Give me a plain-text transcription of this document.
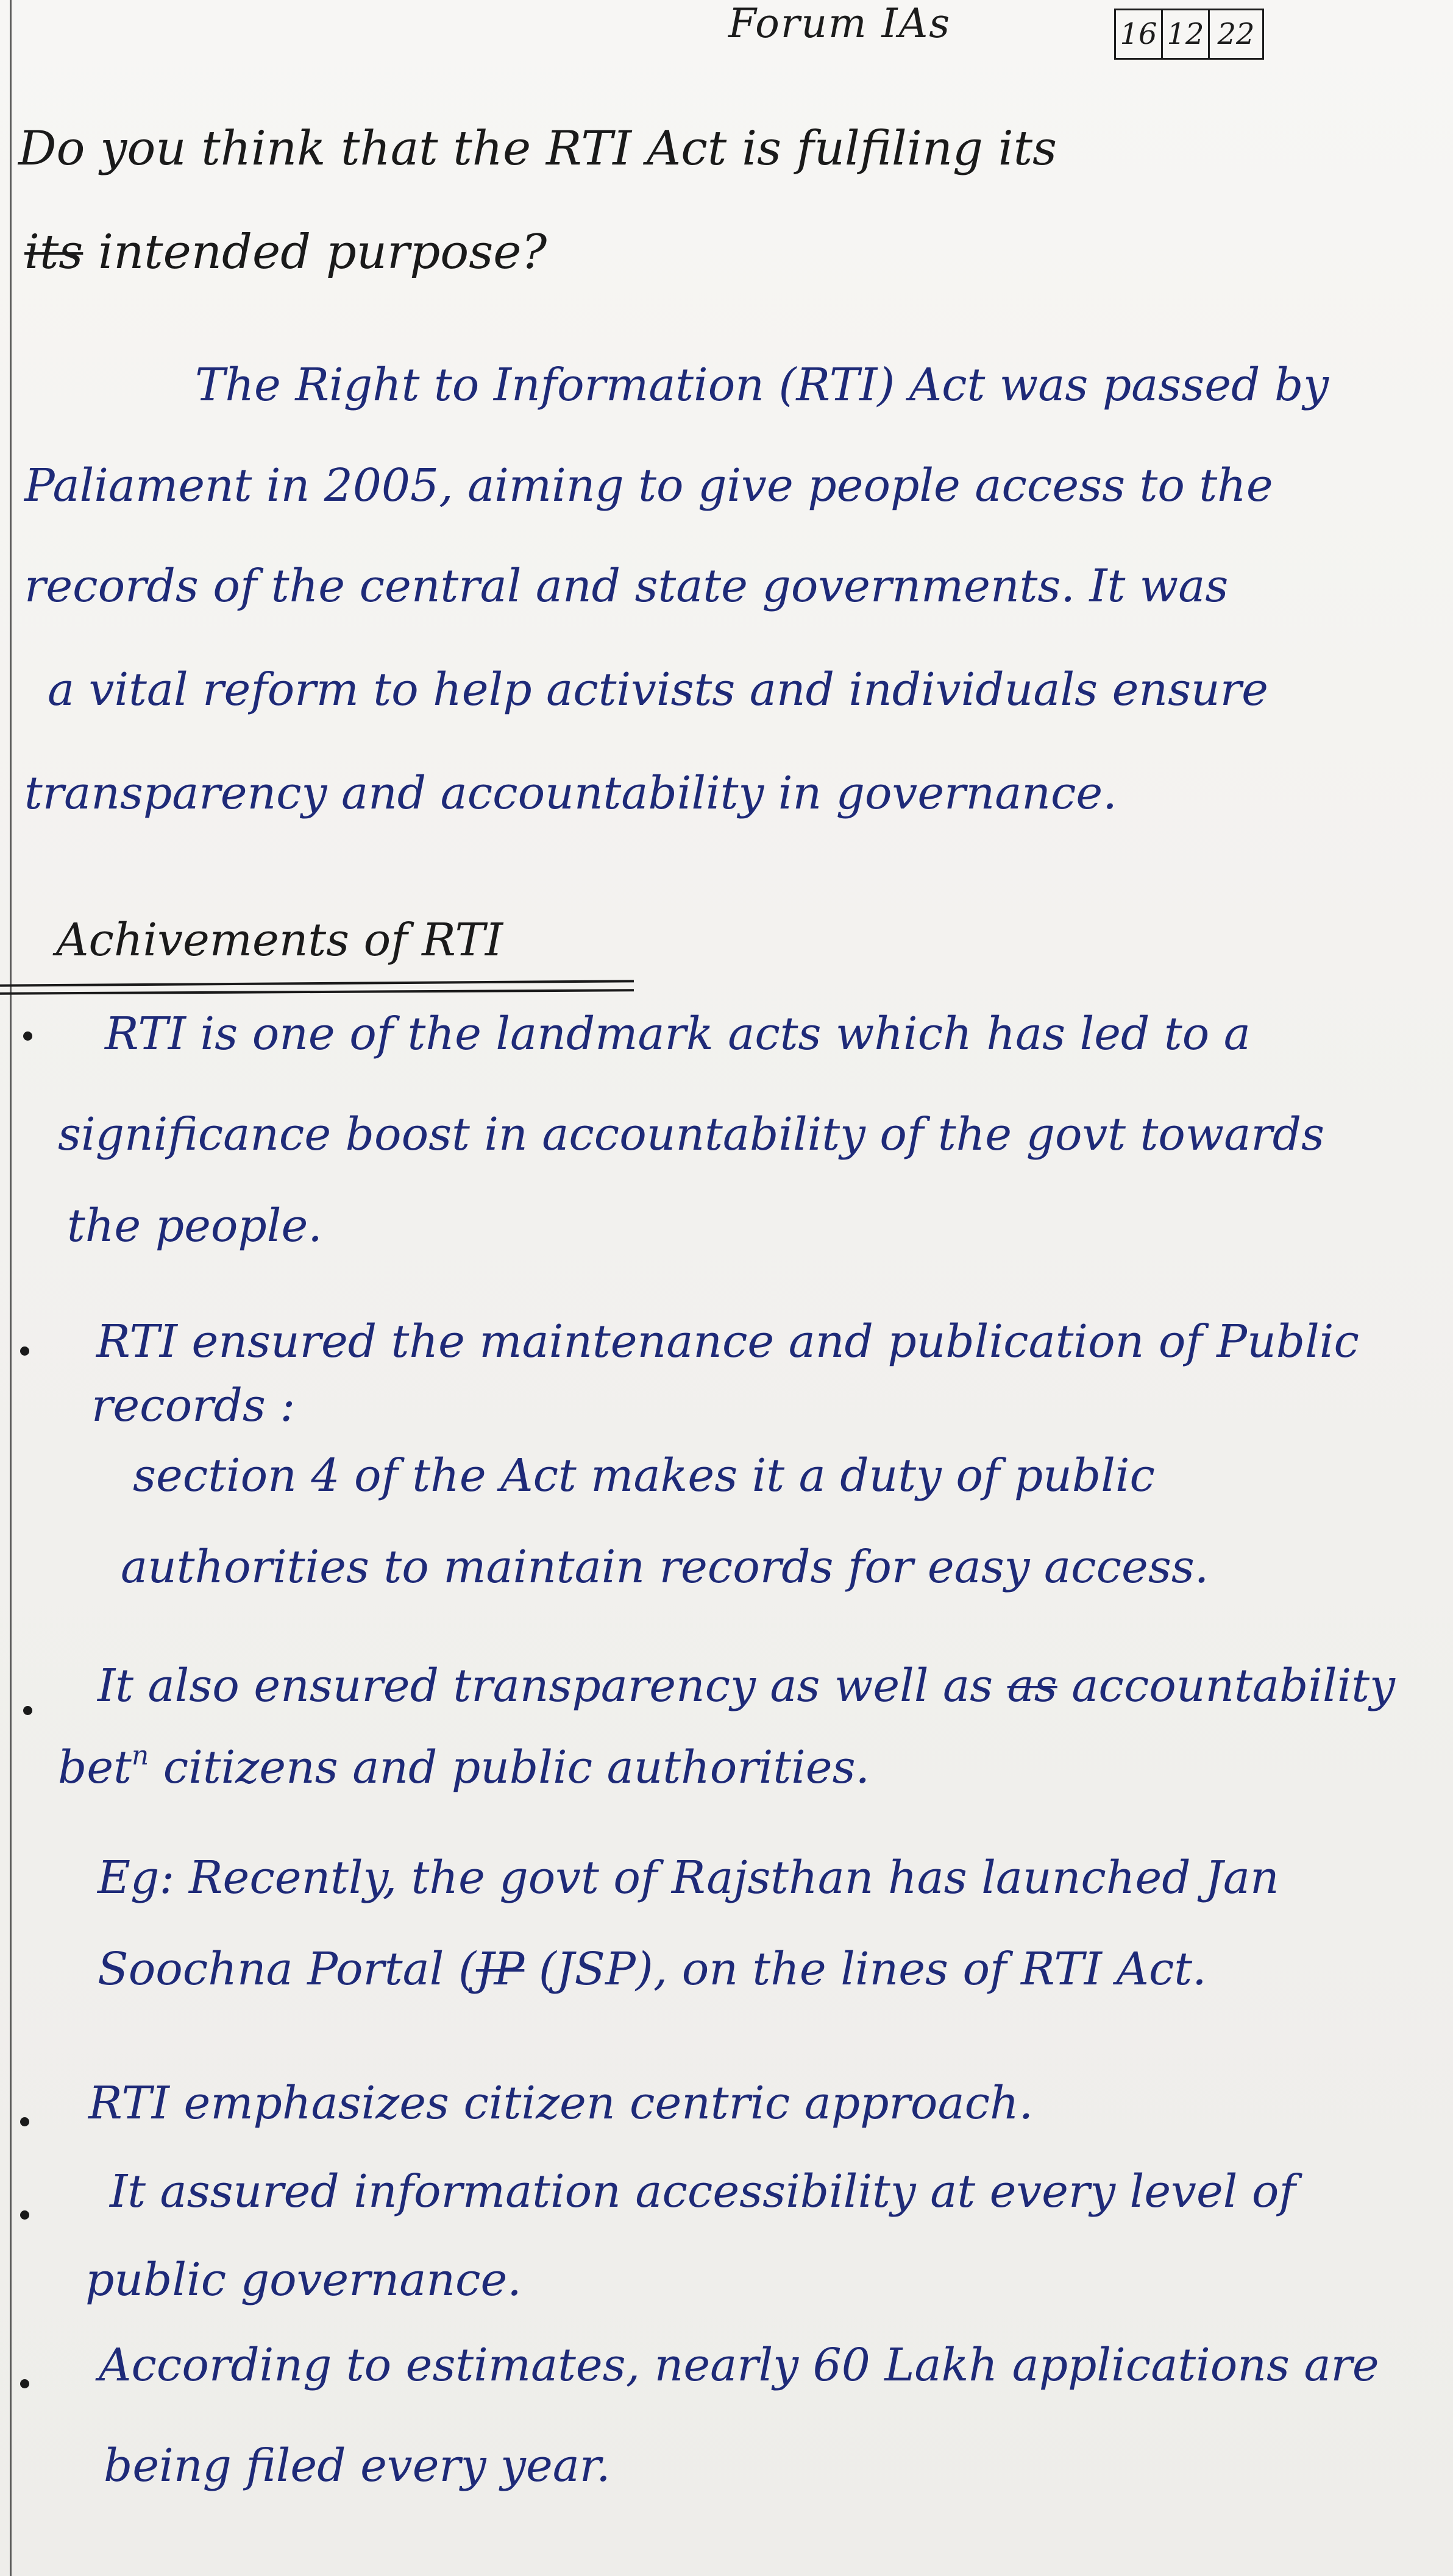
Forum IAs	16 12 22
Do you think that the RTI Act is fulfiling its
its intended purpose?
The Right to Information (RTI) Act was passed by
Paliament in 2005, aiming to give people access to the
records of the central and state governments. It was
a vital reform to help activists and individuals ensure
transparency and accountability in governance.
Achivements of RTI
RTI is one of the landmark acts which has led to a
significance boost in accountability of the govt towards
the people.
RTI ensured the maintenance and publication of Public
records :
section 4 of the Act makes it a duty of public
authorities to maintain records for easy access.
It also ensured transparency as well as as accountability
bet$^n$ citizens and public authorities.
Eg: Recently, the govt of Rajsthan has launched Jan
Soochna Portal (JP (JSP), on the lines of RTI Act.
RTI emphasizes citizen centric approach.
It assured information accessibility at every level of
public governance.
According to estimates, nearly 60 Lakh applications are
being filed every year.
